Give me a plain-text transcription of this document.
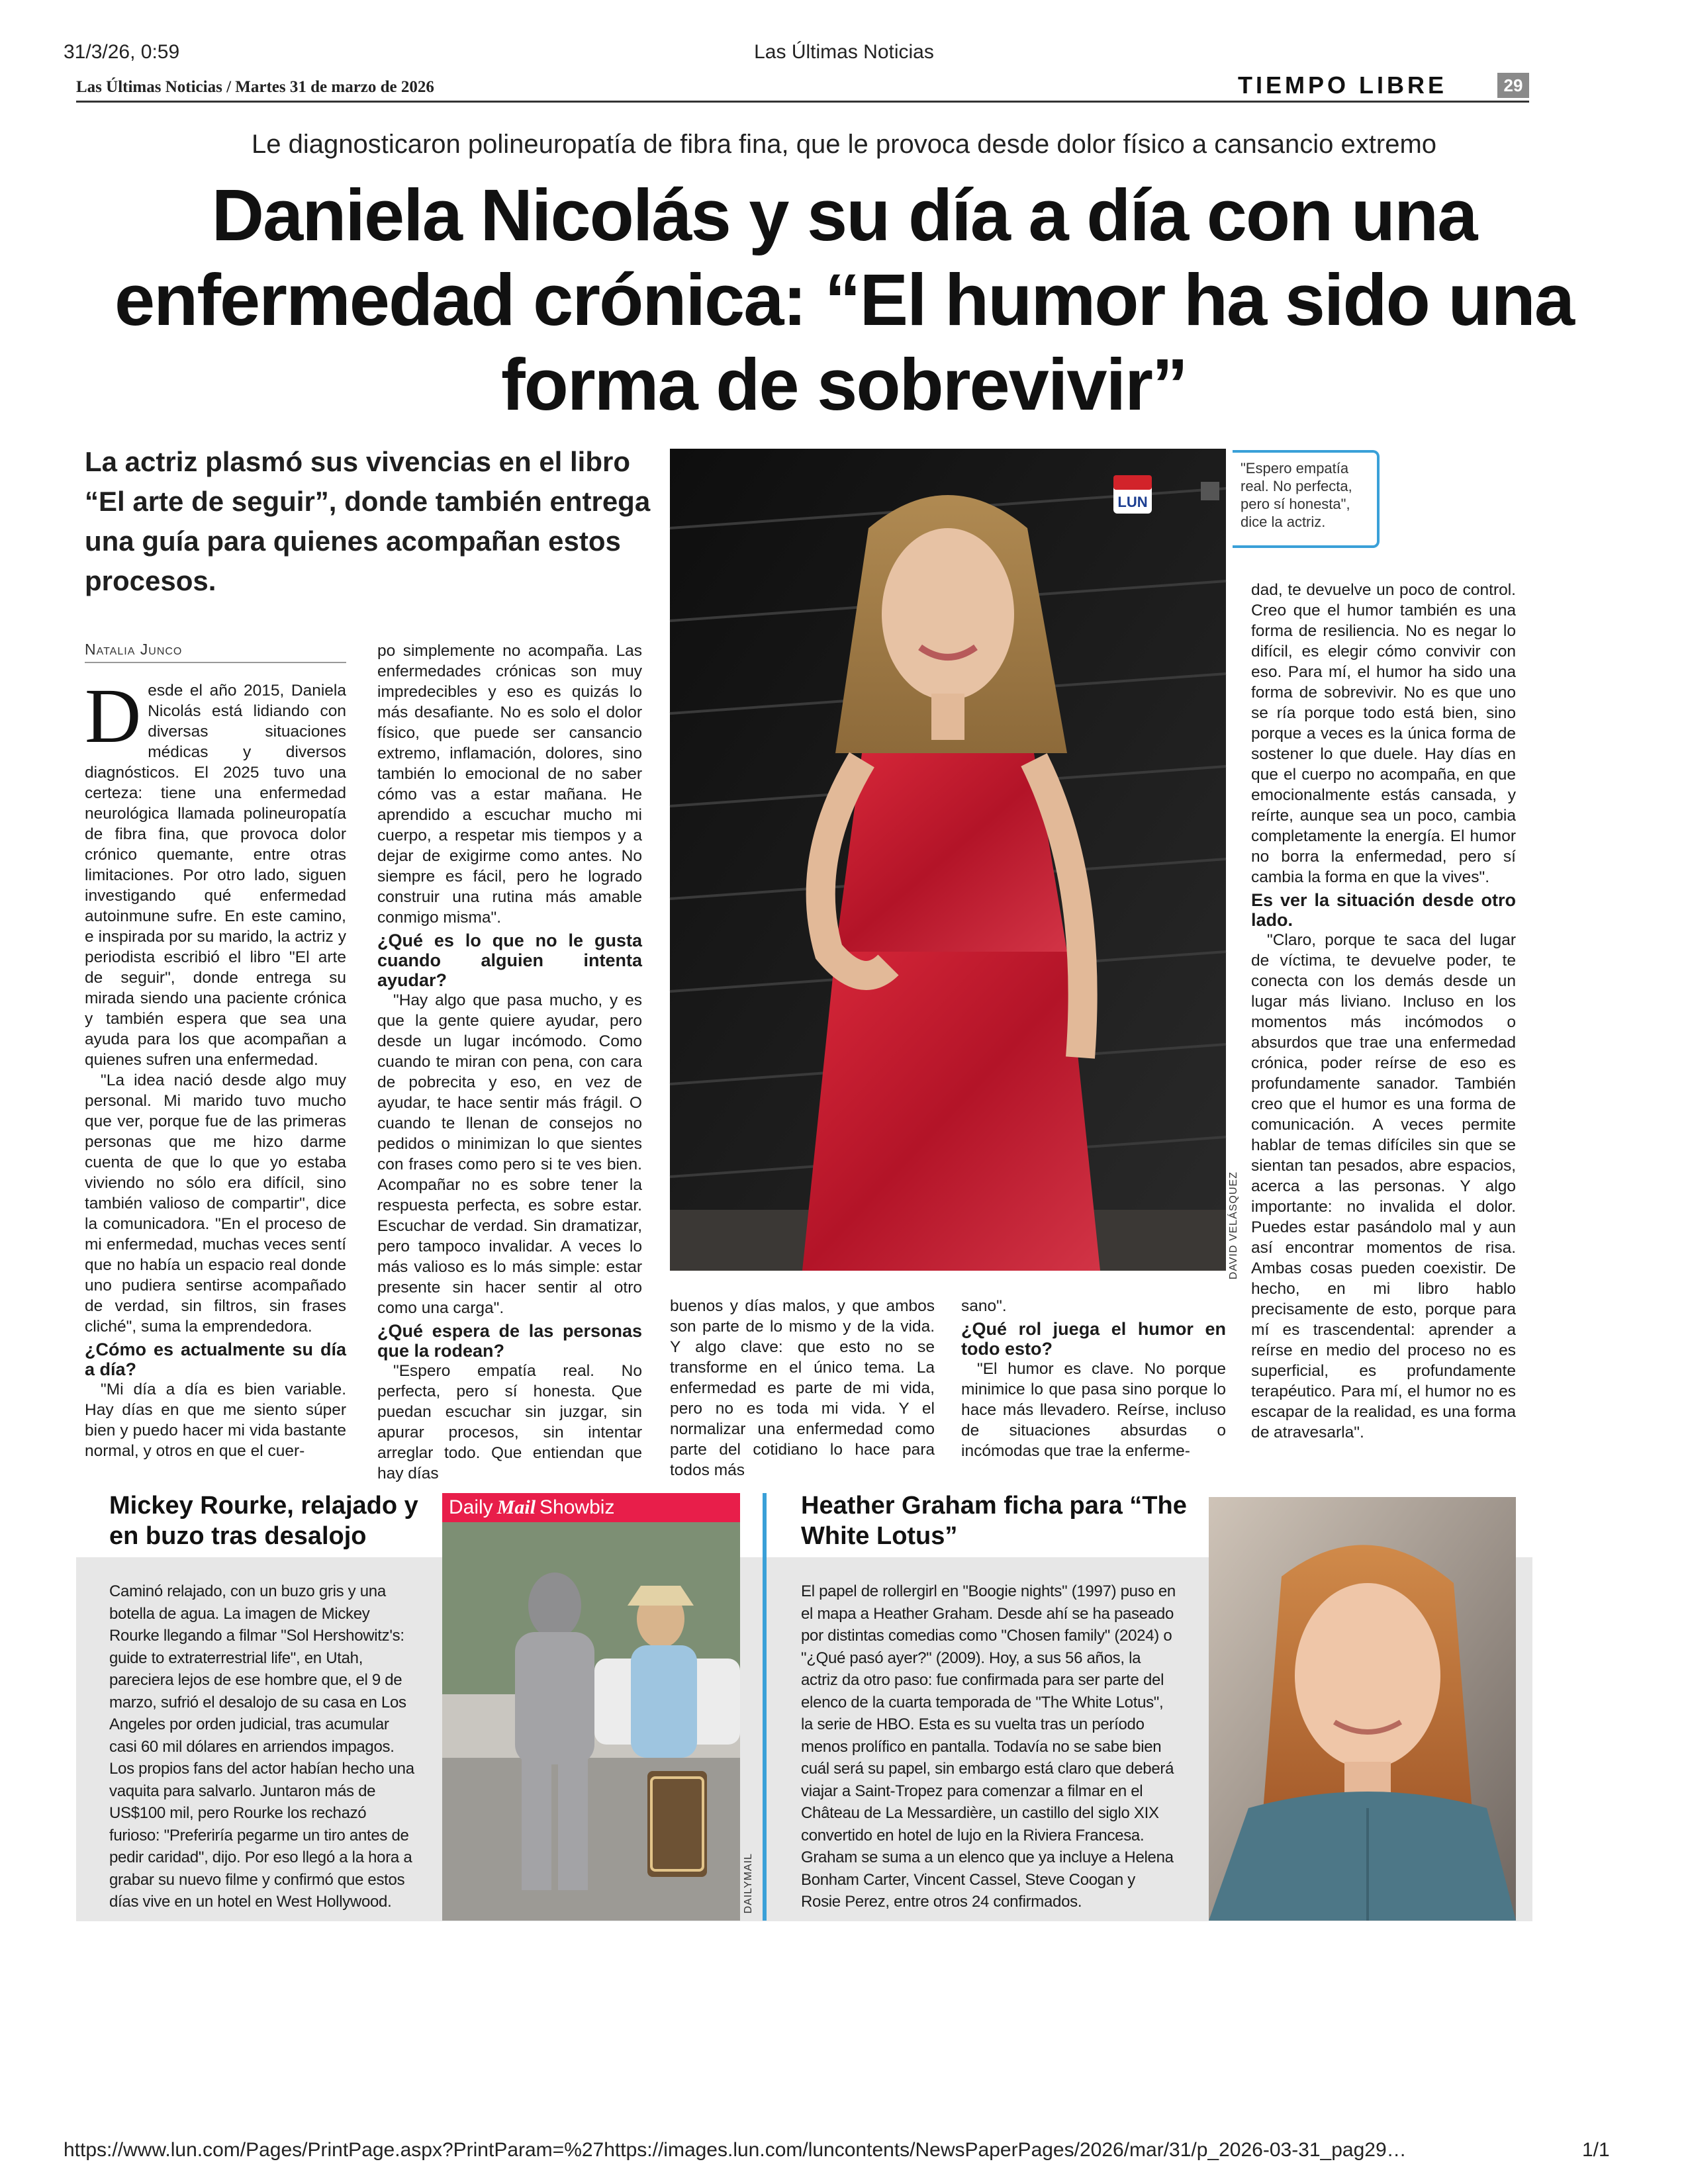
31/3/26, 0:59	Las Últimas Noticias
Las Últimas Noticias / Martes 31 de marzo de 2026	TIEMPO LIBRE	29
Le diagnosticaron polineuropatía de fibra fina, que le provoca desde dolor físico a cansancio extremo
Daniela Nicolás y su día a día con una enfermedad crónica: “El humor ha sido una forma de sobrevivir”
La actriz plasmó sus vivencias en el libro “El arte de seguir”, donde también entrega una guía para quienes acompañan estos procesos.
Natalia Junco
D esde el año 2015, Daniela Nicolás está lidiando con diversas situaciones médicas y diversos diagnósticos. El 2025 tuvo una certeza: tiene una enfermedad neurológica llamada polineuropatía de fibra fina, que provoca dolor crónico quemante, entre otras limitaciones. Por otro lado, siguen investigando qué enfermedad autoinmune sufre. En este camino, e inspirada por su marido, la actriz y periodista escribió el libro "El arte de seguir", donde entrega su mirada siendo una paciente crónica y también espera que sea una ayuda para los que acompañan a quienes sufren una enfermedad.

"La idea nació desde algo muy personal. Mi marido tuvo mucho que ver, porque fue de las primeras personas que me hizo darme cuenta de que lo que yo estaba viviendo no sólo era difícil, sino también valioso de compartir", dice la comunicadora. "En el proceso de mi enfermedad, muchas veces sentí que no había un espacio real donde uno pudiera sentirse acompañado de verdad, sin filtros, sin frases cliché", suma la emprendedora.

¿Cómo es actualmente su día a día?

"Mi día a día es bien variable. Hay días en que me siento súper bien y puedo hacer mi vida bastante normal, y otros en que el cuer-

po simplemente no acompaña. Las enfermedades crónicas son muy impredecibles y eso es quizás lo más desafiante. No es solo el dolor físico, que puede ser cansancio extremo, inflamación, dolores, sino también lo emocional de no saber cómo vas a estar mañana. He aprendido a escuchar mucho mi cuerpo, a respetar mis tiempos y a dejar de exigirme como antes. No siempre es fácil, pero he logrado construir una rutina más amable conmigo misma".

¿Qué es lo que no le gusta cuando alguien intenta ayudar?

"Hay algo que pasa mucho, y es que la gente quiere ayudar, pero desde un lugar incómodo. Como cuando te miran con pena, con cara de pobrecita y eso, en vez de ayudar, te hace sentir más frágil. O cuando te llenan de consejos no pedidos o minimizan lo que sientes con frases como pero si te ves bien. Acompañar no es sobre tener la respuesta perfecta, es sobre estar. Escuchar de verdad. Sin dramatizar, pero tampoco invalidar. A veces lo más valioso es lo más simple: estar presente sin hacer sentir al otro como una carga".

¿Qué espera de las personas que la rodean?

"Espero empatía real. No perfecta, pero sí honesta. Que puedan escuchar sin juzgar, sin apurar procesos, sin intentar arreglar todo. Que entiendan que hay días

buenos y días malos, y que ambos son parte de lo mismo y de la vida. Y algo clave: que esto no se transforme en el único tema. La enfermedad es parte de mi vida, pero no es toda mi vida. Y el normalizar una enfermedad como parte del cotidiano lo hace para todos más

sano".

¿Qué rol juega el humor en todo esto?

"El humor es clave. No porque minimice lo que pasa sino porque lo hace más llevadero. Reírse, incluso de situaciones absurdas o incómodas que trae la enferme-

dad, te devuelve un poco de control. Creo que el humor también es una forma de resiliencia. No es negar lo difícil, es elegir cómo convivir con eso. Para mí, el humor ha sido una forma de sobrevivir. No es que uno se ría porque todo está bien, sino porque a veces es la única forma de sostener lo que duele. Hay días en que el cuerpo no acompaña, en que emocionalmente estás cansada, y reírte, aunque sea un poco, cambia completamente la energía. El humor no borra la enfermedad, pero sí cambia la forma en que la vives".

Es ver la situación desde otro lado.

"Claro, porque te saca del lugar de víctima, te devuelve poder, te conecta con los demás desde un lugar más liviano. Incluso en los momentos más incómodos o absurdos que trae una enfermedad crónica, poder reírse de eso es profundamente sanador. También creo que el humor es una forma de comunicación. A veces permite hablar de temas difíciles sin que se sientan tan pesados, abre espacios, acerca a las personas. Y algo importante: no invalida el dolor. Puedes estar pasándolo mal y aun así encontrar momentos de risa. Ambas cosas pueden coexistir. De hecho, en mi libro hablo precisamente de esto, porque para mí es trascendental: aprender a reírse en medio del proceso no es superficial, es profundamente terapéutico. Para mí, el humor no es escapar de la realidad, es una forma de atravesarla".

LUN
DAVID VELÁSQUEZ
"Espero empatía real. No perfecta, pero sí honesta", dice la actriz.
Mickey Rourke, relajado y en buzo tras desalojo
Caminó relajado, con un buzo gris y una botella de agua. La imagen de Mickey Rourke llegando a filmar "Sol Hershowitz's: guide to extraterrestrial life", en Utah, pareciera lejos de ese hombre que, el 9 de marzo, sufrió el desalojo de su casa en Los Angeles por orden judicial, tras acumular casi 60 mil dólares en arriendos impagos. Los propios fans del actor habían hecho una vaquita para salvarlo. Juntaron más de US$100 mil, pero Rourke los rechazó furioso: "Preferiría pegarme un tiro antes de pedir caridad", dijo. Por eso llegó a la hora a grabar su nuevo filme y confirmó que estos días vive en un hotel en West Hollywood.
Daily Mail Showbiz
DAILYMAIL
Heather Graham ficha para “The White Lotus”
El papel de rollergirl en "Boogie nights" (1997) puso en el mapa a Heather Graham. Desde ahí se ha paseado por distintas comedias como "Chosen family" (2024) o "¿Qué pasó ayer?" (2009). Hoy, a sus 56 años, la actriz da otro paso: fue confirmada para ser parte del elenco de la cuarta temporada de "The White Lotus", la serie de HBO. Esta es su vuelta tras un período menos prolífico en pantalla. Todavía no se sabe bien cuál será su papel, sin embargo está claro que deberá viajar a Saint-Tropez para comenzar a filmar en el Château de La Messardière, un castillo del siglo XIX convertido en hotel de lujo en la Riviera Francesa. Graham se suma a un elenco que ya incluye a Helena Bonham Carter, Vincent Cassel, Steve Coogan y Rosie Perez, entre otros 24 confirmados.
https://www.lun.com/Pages/PrintPage.aspx?PrintParam=%27https://images.lun.com/luncontents/NewsPaperPages/2026/mar/31/p_2026-03-31_pag29…	1/1
